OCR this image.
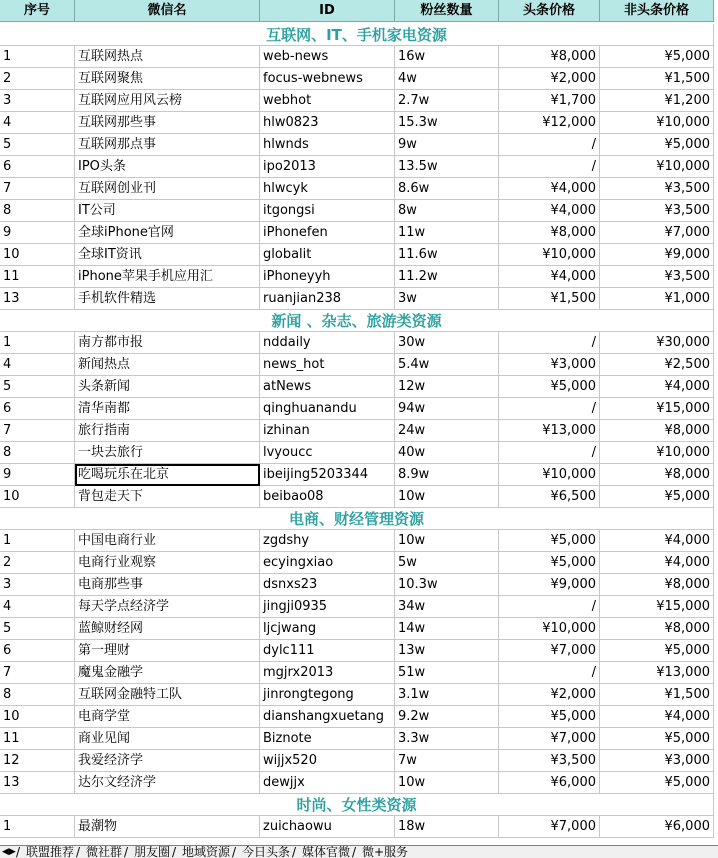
序号	微信名	ID	粉丝数量	头条价格	非头条价格
互联网、IT、手机家电资源
1	互联网热点	web-news	16w	¥8,000	¥5,000
2	互联网聚焦	focus-webnews	4w	¥2,000	¥1,500
3	互联网应用风云榜	webhot	2.7w	¥1,700	¥1,200
4	互联网那些事	hlw0823	15.3w	¥12,000	¥10,000
5	互联网那点事	hlwnds	9w	/	¥5,000
6	IPO头条	ipo2013	13.5w	/	¥10,000
7	互联网创业刊	hlwcyk	8.6w	¥4,000	¥3,500
8	IT公司	itgongsi	8w	¥4,000	¥3,500
9	全球iPhone官网	iPhonefen	11w	¥8,000	¥7,000
10	全球IT资讯	globalit	11.6w	¥10,000	¥9,000
11	iPhone苹果手机应用汇	iPhoneyyh	11.2w	¥4,000	¥3,500
13	手机软件精选	ruanjian238	3w	¥1,500	¥1,000
新闻 、杂志、旅游类资源
1	南方都市报	nddaily	30w	/	¥30,000
4	新闻热点	news_hot	5.4w	¥3,000	¥2,500
5	头条新闻	atNews	12w	¥5,000	¥4,000
6	清华南都	qinghuanandu	94w	/	¥15,000
7	旅行指南	izhinan	24w	¥13,000	¥8,000
8	一块去旅行	lvyoucc	40w	/	¥10,000
9	吃喝玩乐在北京	ibeijing5203344	8.9w	¥10,000	¥8,000
10	背包走天下	beibao08	10w	¥6,500	¥5,000
电商、财经管理资源
1	中国电商行业	zgdshy	10w	¥5,000	¥4,000
2	电商行业观察	ecyingxiao	5w	¥5,000	¥4,000
3	电商那些事	dsnxs23	10.3w	¥9,000	¥8,000
4	每天学点经济学	jingji0935	34w	/	¥15,000
5	蓝鲸财经网	ljcjwang	14w	¥10,000	¥8,000
6	第一理财	dylc111	13w	¥7,000	¥5,000
7	魔鬼金融学	mgjrx2013	51w	/	¥13,000
8	互联网金融特工队	jinrongtegong	3.1w	¥2,000	¥1,500
10	电商学堂	dianshangxuetang	9.2w	¥5,000	¥4,000
11	商业见闻	Biznote	3.3w	¥7,000	¥5,000
12	我爱经济学	wijjx520	7w	¥3,500	¥3,000
13	达尔文经济学	dewjjx	10w	¥6,000	¥5,000
时尚、女性类资源
1	最潮物	zuichaowu	18w	¥7,000	¥6,000
◀▶ / 联盟推荐 / 微社群 / 朋友圈 / 地域资源 / 今日头条 / 媒体官微 / 微+服务
